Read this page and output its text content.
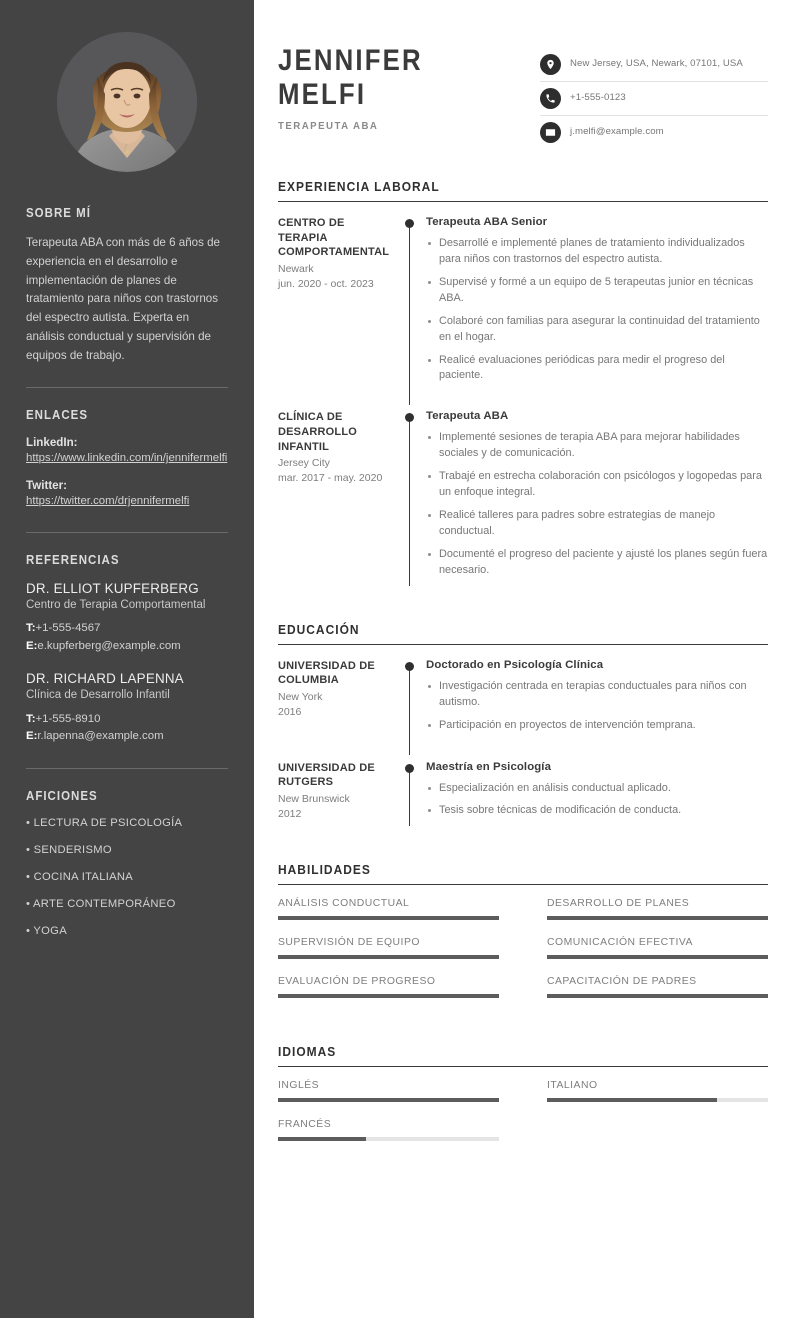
SOBRE MÍ
Terapeuta ABA con más de 6 años de experiencia en el desarrollo e implementación de planes de tratamiento para niños con trastornos del espectro autista. Experta en análisis conductual y supervisión de equipos de trabajo.
ENLACES
LinkedIn:
https://www.linkedin.com/in/jennifermelfi
Twitter:
https://twitter.com/drjennifermelfi
REFERENCIAS
DR. ELLIOT KUPFERBERG
Centro de Terapia Comportamental
T:+1-555-4567
E:e.kupferberg@example.com
DR. RICHARD LAPENNA
Clínica de Desarrollo Infantil
T:+1-555-8910
E:r.lapenna@example.com
AFICIONES
• LECTURA DE PSICOLOGÍA
• SENDERISMO
• COCINA ITALIANA
• ARTE CONTEMPORÁNEO
• YOGA
JENNIFER
MELFI
TERAPEUTA ABA
New Jersey, USA, Newark, 07101, USA
+1-555-0123
j.melfi@example.com
EXPERIENCIA LABORAL
CENTRO DE TERAPIA COMPORTAMENTAL
Newark
jun. 2020 - oct. 2023
Terapeuta ABA Senior
Desarrollé e implementé planes de tratamiento individualizados para niños con trastornos del espectro autista.
Supervisé y formé a un equipo de 5 terapeutas junior en técnicas ABA.
Colaboré con familias para asegurar la continuidad del tratamiento en el hogar.
Realicé evaluaciones periódicas para medir el progreso del paciente.
CLÍNICA DE DESARROLLO INFANTIL
Jersey City
mar. 2017 - may. 2020
Terapeuta ABA
Implementé sesiones de terapia ABA para mejorar habilidades sociales y de comunicación.
Trabajé en estrecha colaboración con psicólogos y logopedas para un enfoque integral.
Realicé talleres para padres sobre estrategias de manejo conductual.
Documenté el progreso del paciente y ajusté los planes según fuera necesario.
EDUCACIÓN
UNIVERSIDAD DE COLUMBIA
New York
2016
Doctorado en Psicología Clínica
Investigación centrada en terapias conductuales para niños con autismo.
Participación en proyectos de intervención temprana.
UNIVERSIDAD DE RUTGERS
New Brunswick
2012
Maestría en Psicología
Especialización en análisis conductual aplicado.
Tesis sobre técnicas de modificación de conducta.
HABILIDADES
ANÁLISIS CONDUCTUAL	DESARROLLO DE PLANES
SUPERVISIÓN DE EQUIPO	COMUNICACIÓN EFECTIVA
EVALUACIÓN DE PROGRESO	CAPACITACIÓN DE PADRES
IDIOMAS
INGLÉS	ITALIANO
FRANCÉS
